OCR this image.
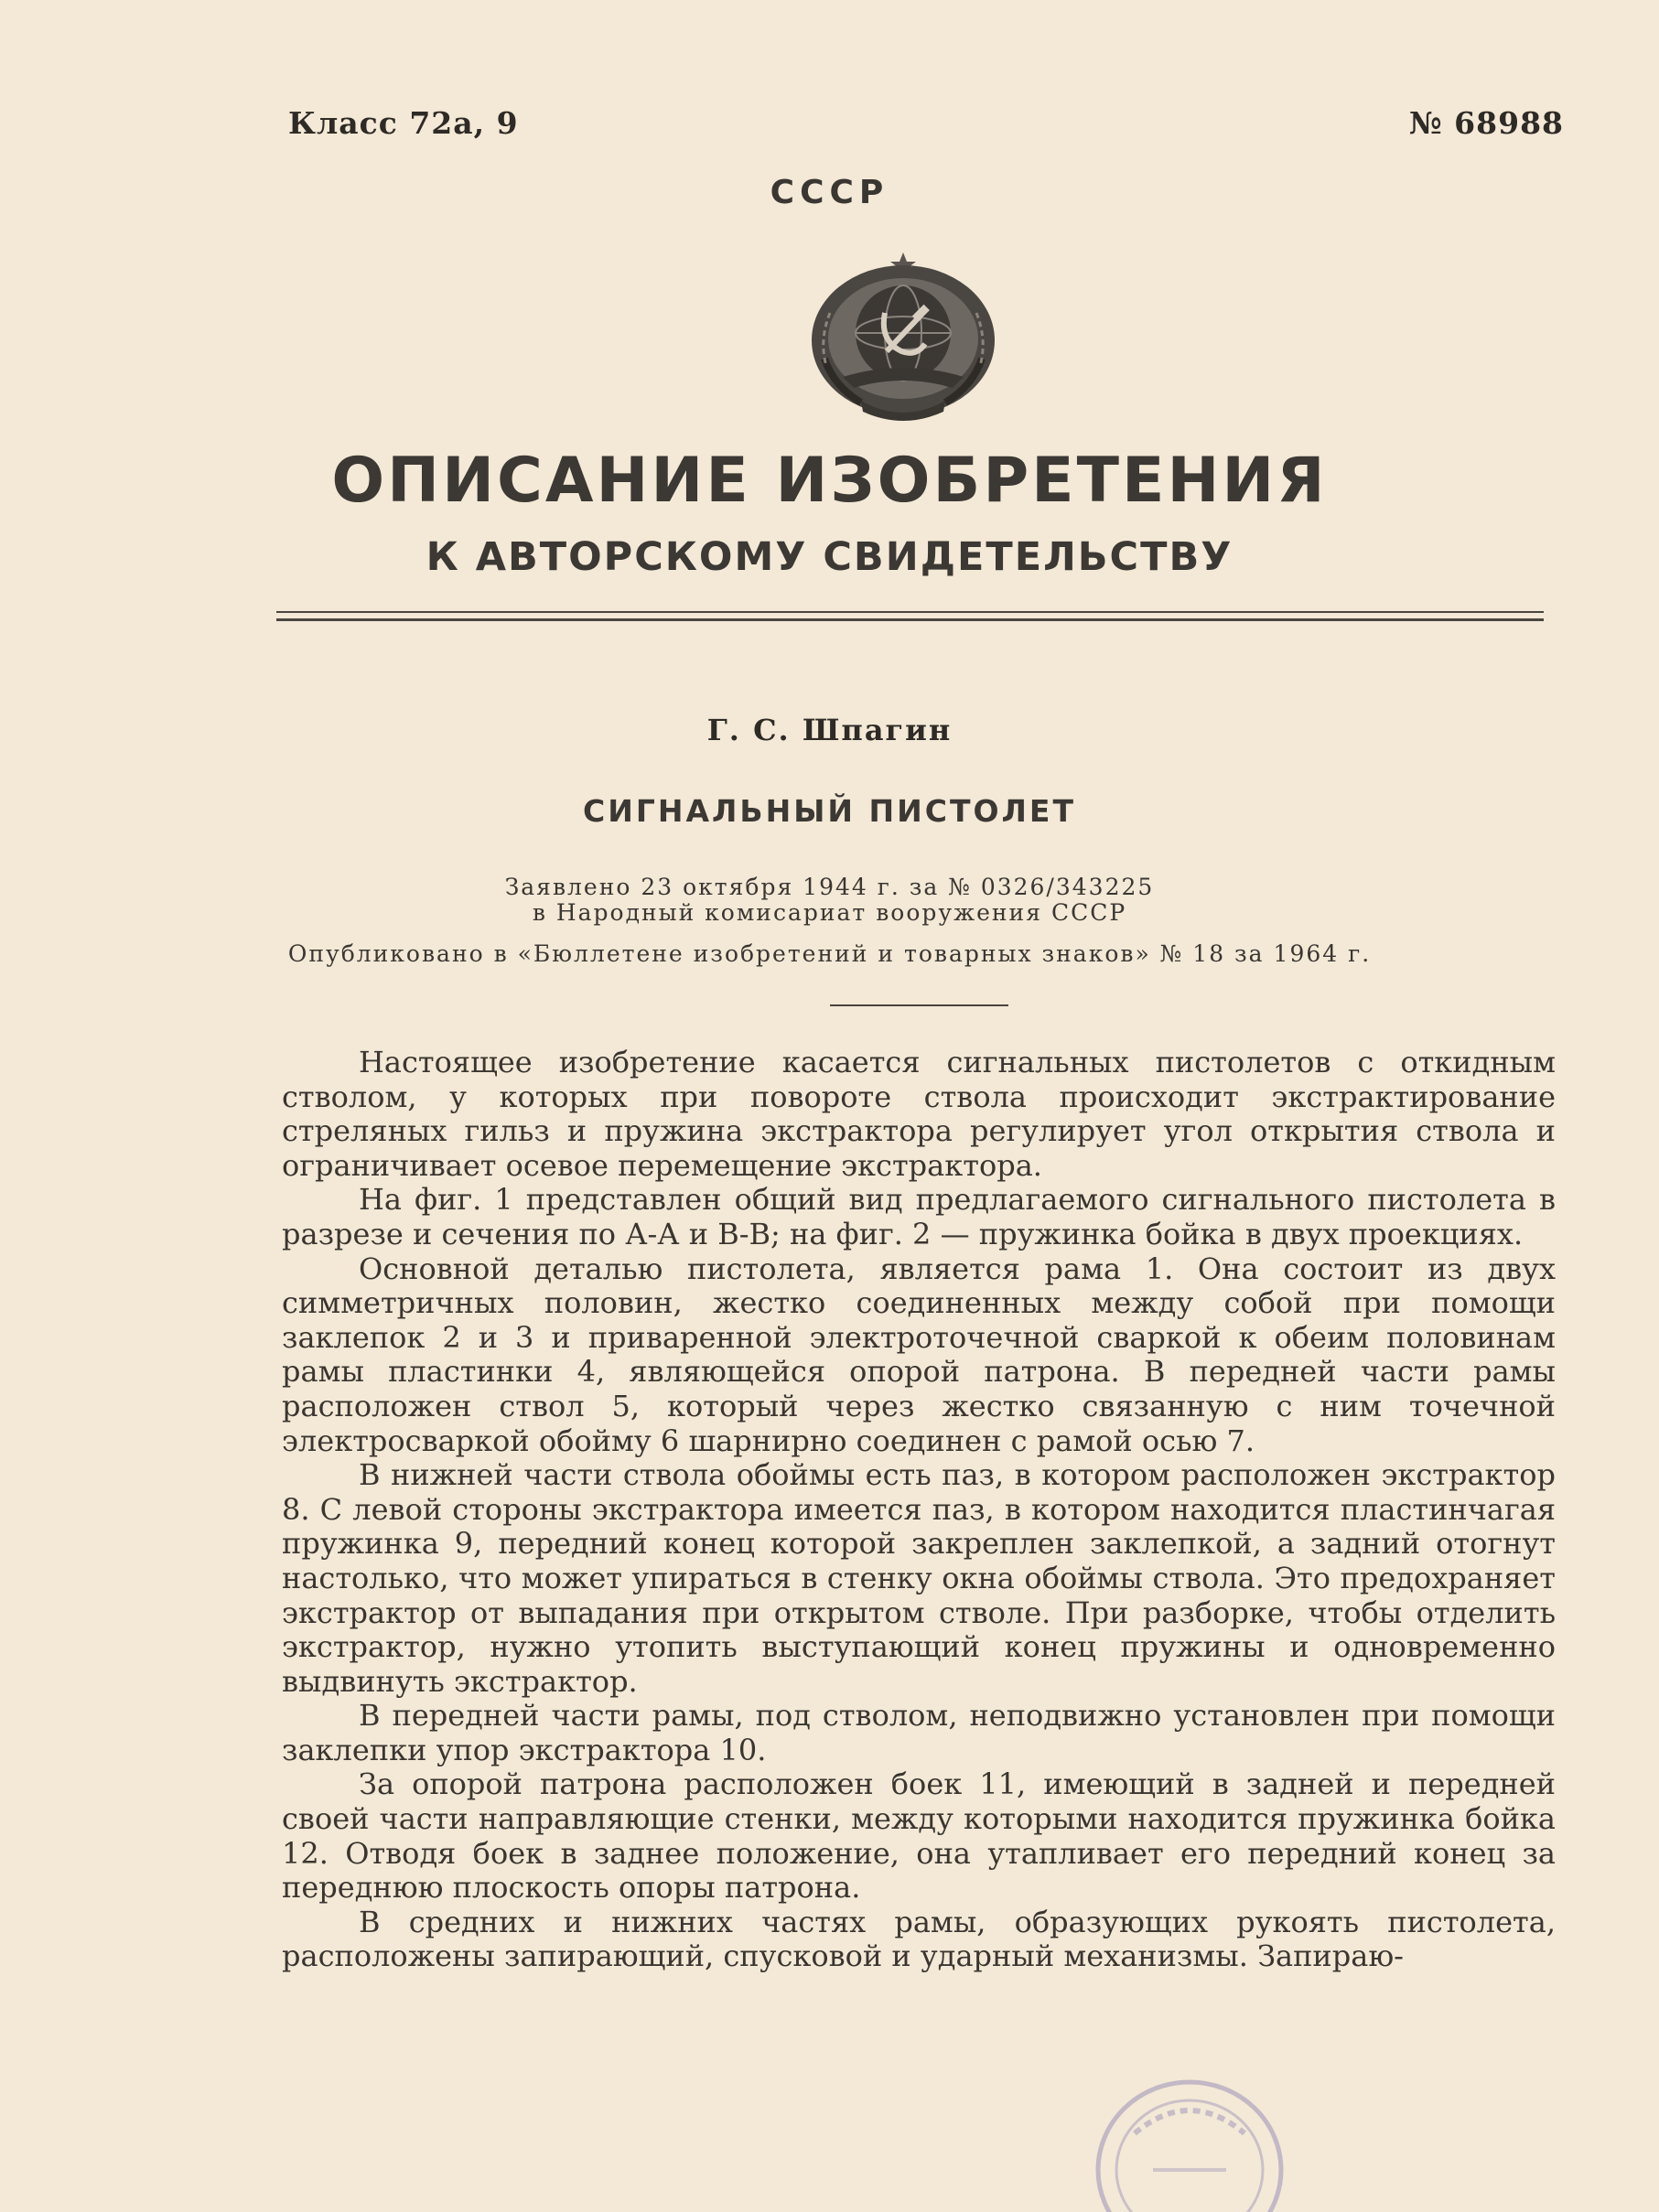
Класс 72а, 9	№ 68988
СССР
ОПИСАНИЕ ИЗОБРЕТЕНИЯ
К АВТОРСКОМУ СВИДЕТЕЛЬСТВУ
Г. С. Шпагин
СИГНАЛЬНЫЙ ПИСТОЛЕТ
Заявлено 23 октября 1944 г. за № 0326/343225
в Народный комисариат вооружения СССР
Опубликовано в «Бюллетене изобретений и товарных знаков» № 18 за 1964 г.

Настоящее изобретение касается сигнальных пистолетов с откидным стволом, у которых при повороте ствола происходит экстрактирование стреляных гильз и пружина экстрактора регулирует угол открытия ствола и ограничивает осевое перемещение экстрактора.

На фиг. 1 представлен общий вид предлагаемого сигнального пистолета в разрезе и сечения по А-А и В-В; на фиг. 2 — пружинка бойка в двух проекциях.

Основной деталью пистолета, является рама 1. Она состоит из двух симметричных половин, жестко соединенных между собой при помощи заклепок 2 и 3 и приваренной электроточечной сваркой к обеим половинам рамы пластинки 4, являющейся опорой патрона. В передней части рамы расположен ствол 5, который через жестко связанную с ним точечной электросваркой обойму 6 шарнирно соединен с рамой осью 7.

В нижней части ствола обоймы есть паз, в котором расположен экстрактор 8. С левой стороны экстрактора имеется паз, в котором находится пластинчагая пружинка 9, передний конец которой закреплен заклепкой, а задний отогнут настолько, что может упираться в стенку окна обоймы ствола. Это предохраняет экстрактор от выпадания при открытом стволе. При разборке, чтобы отделить экстрактор, нужно утопить выступающий конец пружины и одновременно выдвинуть экстрактор.

В передней части рамы, под стволом, неподвижно установлен при помощи заклепки упор экстрактора 10.

За опорой патрона расположен боек 11, имеющий в задней и передней своей части направляющие стенки, между которыми находится пружинка бойка 12. Отводя боек в заднее положение, она утапливает его передний конец за переднюю плоскость опоры патрона.

В средних и нижних частях рамы, образующих рукоять пистолета, расположены запирающий, спусковой и ударный механизмы. Запираю-
